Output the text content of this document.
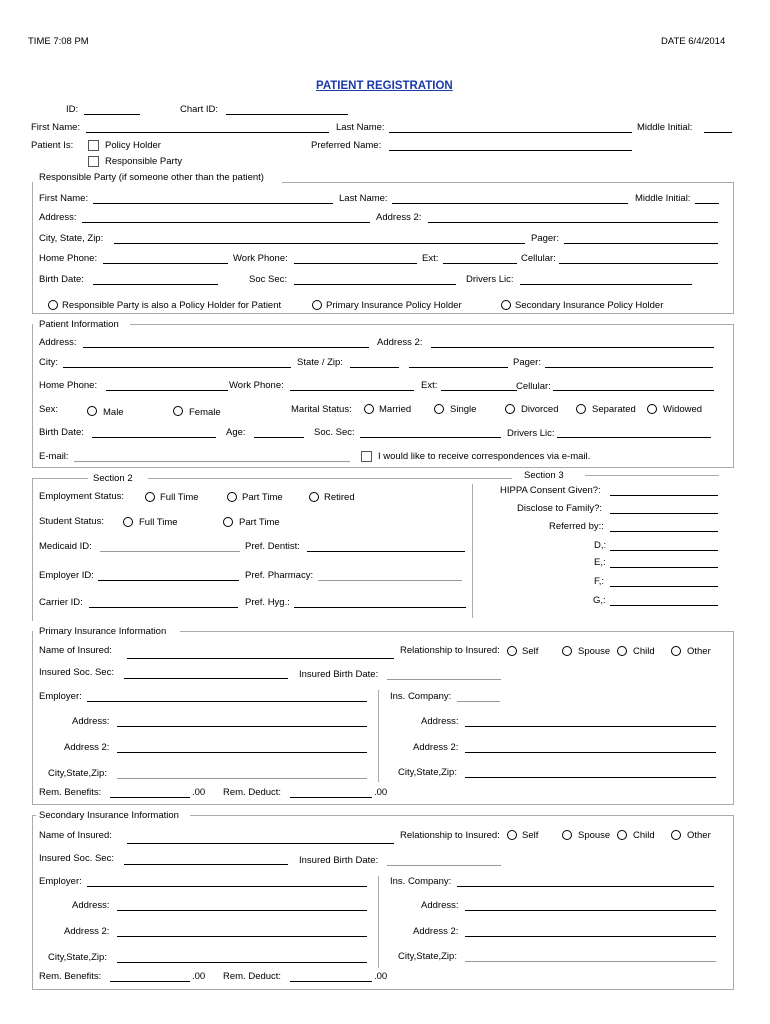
TIME 7:08 PM	DATE 6/4/2014
PATIENT REGISTRATION
ID:	Chart ID:
First Name:	Last Name:	Middle Initial:
Patient Is:	Policy Holder
Responsible Party
Preferred Name:
Responsible Party (if someone other than the patient)
First Name:	Last Name:	Middle Initial:
Address:	Address 2:
City, State, Zip:	Pager:
Home Phone:	Work Phone:	Ext:	Cellular:
Birth Date:	Soc Sec:	Drivers Lic:
Responsible Party is also a Policy Holder for Patient	Primary Insurance Policy Holder	Secondary Insurance Policy Holder
Patient Information
Address:	Address 2:
City:	State / Zip:	Pager:
Home Phone:	Work Phone:	Ext:	Cellular:
Sex:	Male	Female	Marital Status:	Married	Single	Divorced	Separated	Widowed
Birth Date:	Age:	Soc. Sec:	Drivers Lic:
E-mail:	I would like to receive correspondences via e-mail.
Section 2	Section 3
Employment Status:	Full Time	Part Time	Retired
Student Status:	Full Time	Part Time
Medicaid ID:	Pref. Dentist:
Employer ID:	Pref. Pharmacy:
Carrier ID:	Pref. Hyg.:
HIPPA Consent Given?:
Disclose to Family?:
Referred by::
D,:
E,:
F,:
G,:
Primary Insurance Information
Name of Insured:	Relationship to Insured: Self	Spouse Child	Other
Insured Soc. Sec:	Insured Birth Date:
Employer:	Ins. Company:
Address:	Address:
Address 2:	Address 2:
City,State,Zip:	City,State,Zip:
Rem. Benefits:	.00 Rem. Deduct:	.00
Secondary Insurance Information
Name of Insured:	Relationship to Insured: Self	Spouse Child	Other
Insured Soc. Sec:	Insured Birth Date:
Employer:	Ins. Company:
Address:	Address:
Address 2:	Address 2:
City,State,Zip:	City,State,Zip:
Rem. Benefits:	.00 Rem. Deduct:	.00
